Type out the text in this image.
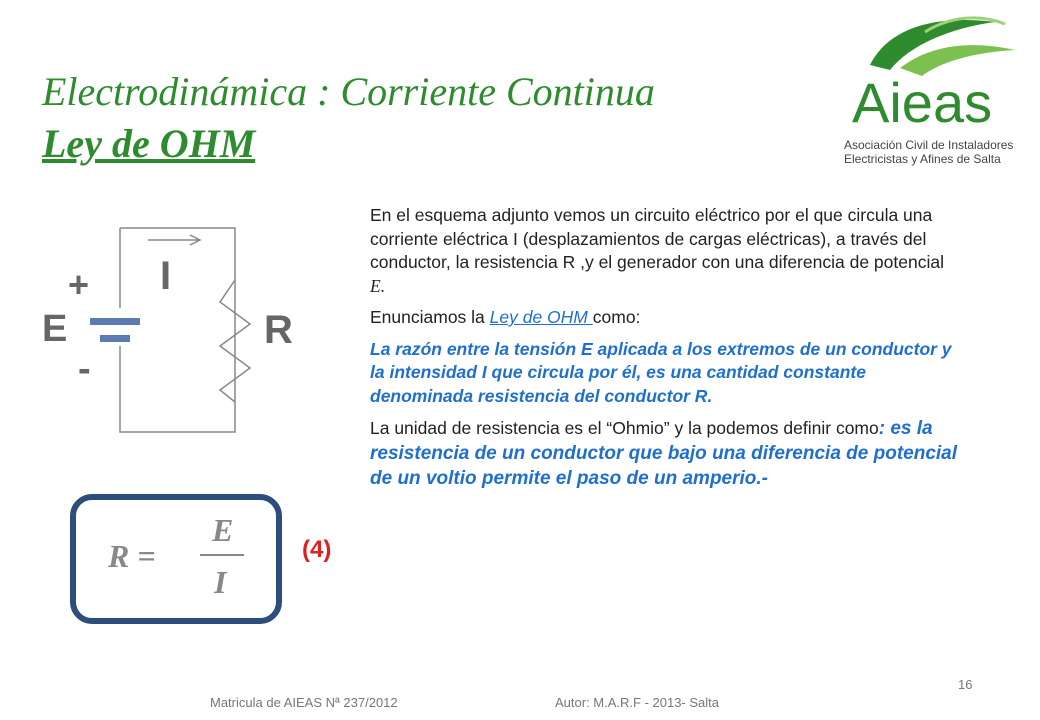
Electrodinámica : Corriente Continua
Ley de OHM
Aieas
Asociación Civil de Instaladores
Electricistas y Afines de Salta
+
-
E
I
R
R =
E
I
(4)

En el esquema adjunto vemos un circuito eléctrico por el que circula una corriente eléctrica I (desplazamientos de cargas eléctricas), a través del conductor, la resistencia R ,y el generador con una diferencia de potencial E.

Enunciamos la Ley de OHM como:

La razón entre la tensión E aplicada a los extremos de un conductor y la intensidad I que circula por él, es una cantidad constante denominada resistencia del conductor R.

La unidad de resistencia es el “Ohmio” y la podemos definir como: es la resistencia de un conductor que bajo una diferencia de potencial de un voltio permite el paso de un amperio.-

16
Matricula de AIEAS Nª 237/2012	Autor: M.A.R.F - 2013- Salta
